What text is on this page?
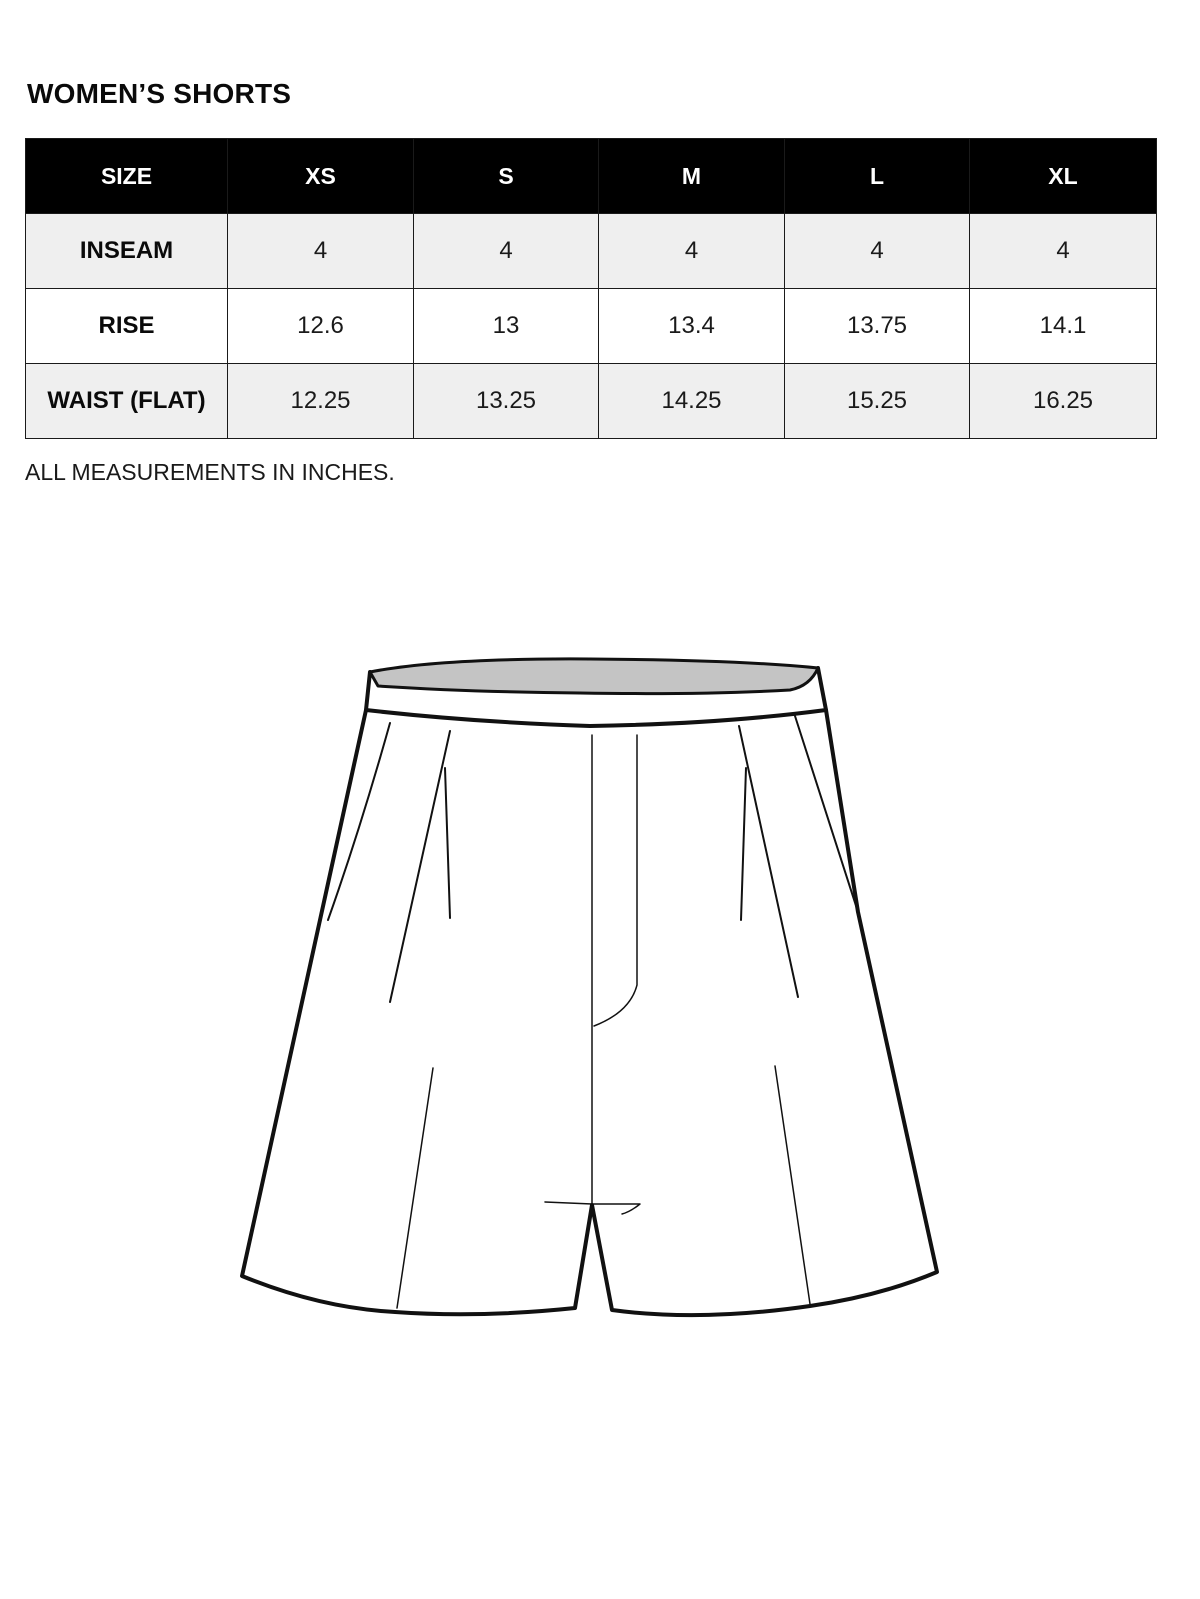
WOMEN’S SHORTS
SIZE	XS	S	M	L	XL
INSEAM	4	4	4	4	4
RISE	12.6	13	13.4	13.75	14.1
WAIST (FLAT)	12.25	13.25	14.25	15.25	16.25

ALL MEASUREMENTS IN INCHES.
